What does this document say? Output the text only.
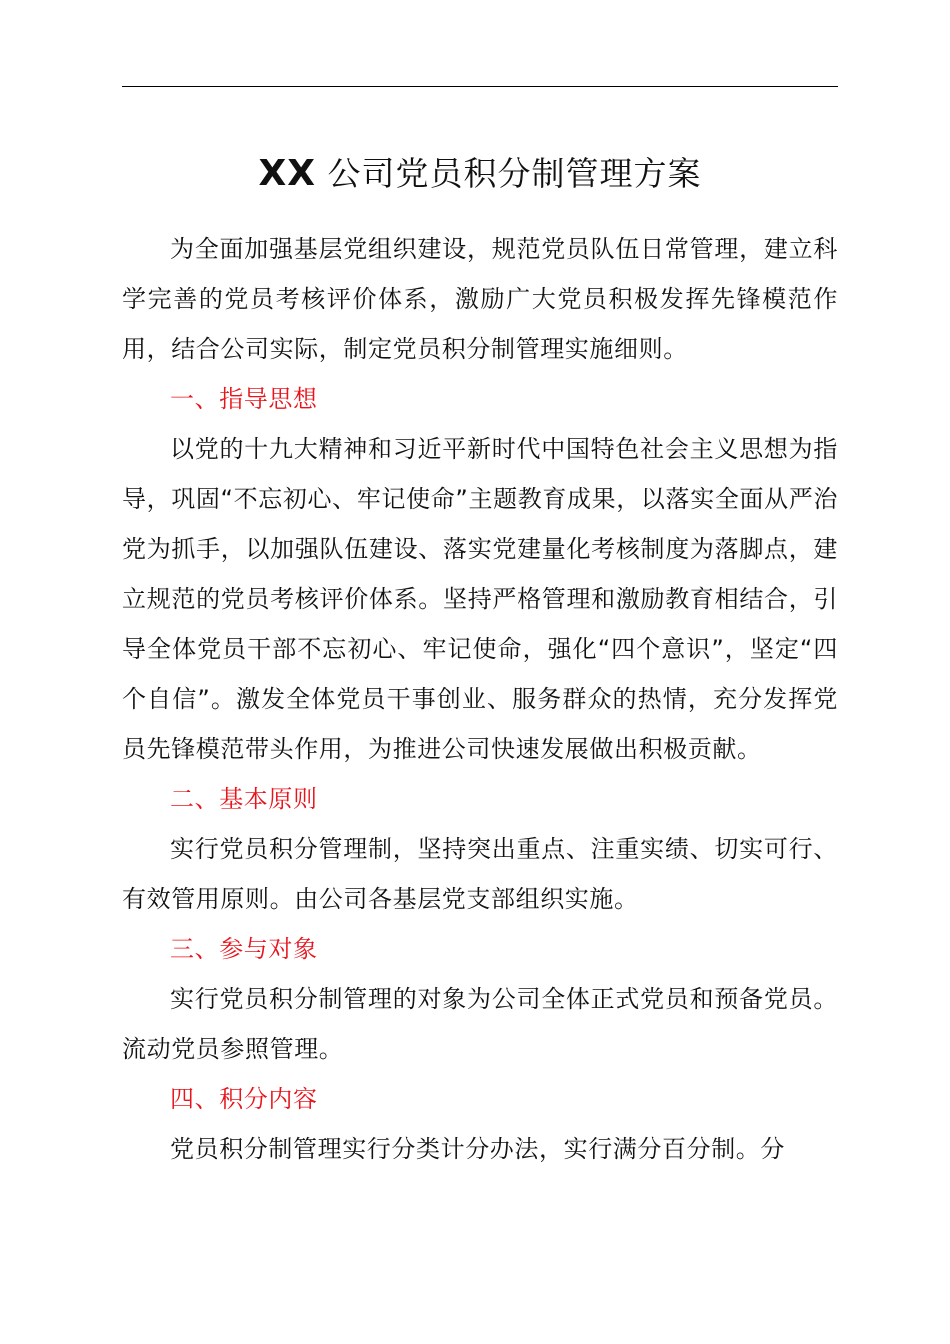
XX 公司党员积分制管理方案

为全面加强基层党组织建设，规范党员队伍日常管理，建立科学完善的党员考核评价体系，激励广大党员积极发挥先锋模范作用，结合公司实际，制定党员积分制管理实施细则。

一、指导思想

以党的十九大精神和习近平新时代中国特色社会主义思想为指导，巩固“不忘初心、牢记使命”主题教育成果，以落实全面从严治党为抓手，以加强队伍建设、落实党建量化考核制度为落脚点，建立规范的党员考核评价体系。坚持严格管理和激励教育相结合，引导全体党员干部不忘初心、牢记使命，强化“四个意识”，坚定“四个自信”。激发全体党员干事创业、服务群众的热情，充分发挥党员先锋模范带头作用，为推进公司快速发展做出积极贡献。

二、基本原则

实行党员积分管理制，坚持突出重点、注重实绩、切实可行、有效管用原则。由公司各基层党支部组织实施。

三、参与对象

实行党员积分制管理的对象为公司全体正式党员和预备党员。流动党员参照管理。

四、积分内容

党员积分制管理实行分类计分办法，实行满分百分制。分
